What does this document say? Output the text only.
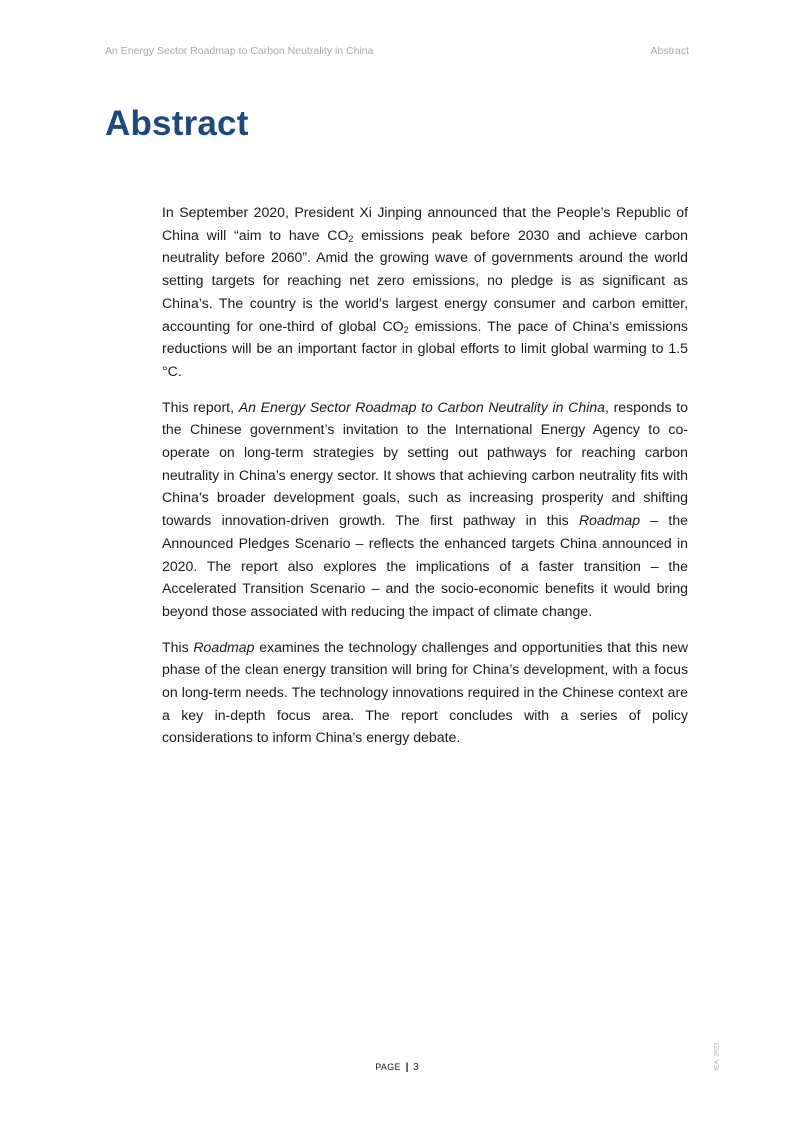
An Energy Sector Roadmap to Carbon Neutrality in China	Abstract
Abstract

In September 2020, President Xi Jinping announced that the People’s Republic of China will “aim to have $CO_2$ emissions peak before 2030 and achieve carbon neutrality before 2060”. Amid the growing wave of governments around the world setting targets for reaching net zero emissions, no pledge is as significant as China’s. The country is the world’s largest energy consumer and carbon emitter, accounting for one-third of global $CO_2$ emissions. The pace of China’s emissions reductions will be an important factor in global efforts to limit global warming to 1.5 °C.

This report, An Energy Sector Roadmap to Carbon Neutrality in China, responds to the Chinese government’s invitation to the International Energy Agency to co-operate on long-term strategies by setting out pathways for reaching carbon neutrality in China’s energy sector. It shows that achieving carbon neutrality fits with China’s broader development goals, such as increasing prosperity and shifting towards innovation-driven growth. The first pathway in this Roadmap – the Announced Pledges Scenario – reflects the enhanced targets China announced in 2020. The report also explores the implications of a faster transition – the Accelerated Transition Scenario – and the socio-economic benefits it would bring beyond those associated with reducing the impact of climate change.

This Roadmap examines the technology challenges and opportunities that this new phase of the clean energy transition will bring for China’s development, with a focus on long-term needs. The technology innovations required in the Chinese context are a key in-depth focus area. The report concludes with a series of policy considerations to inform China’s energy debate.

PAGE | 3	IEA. 2021.
